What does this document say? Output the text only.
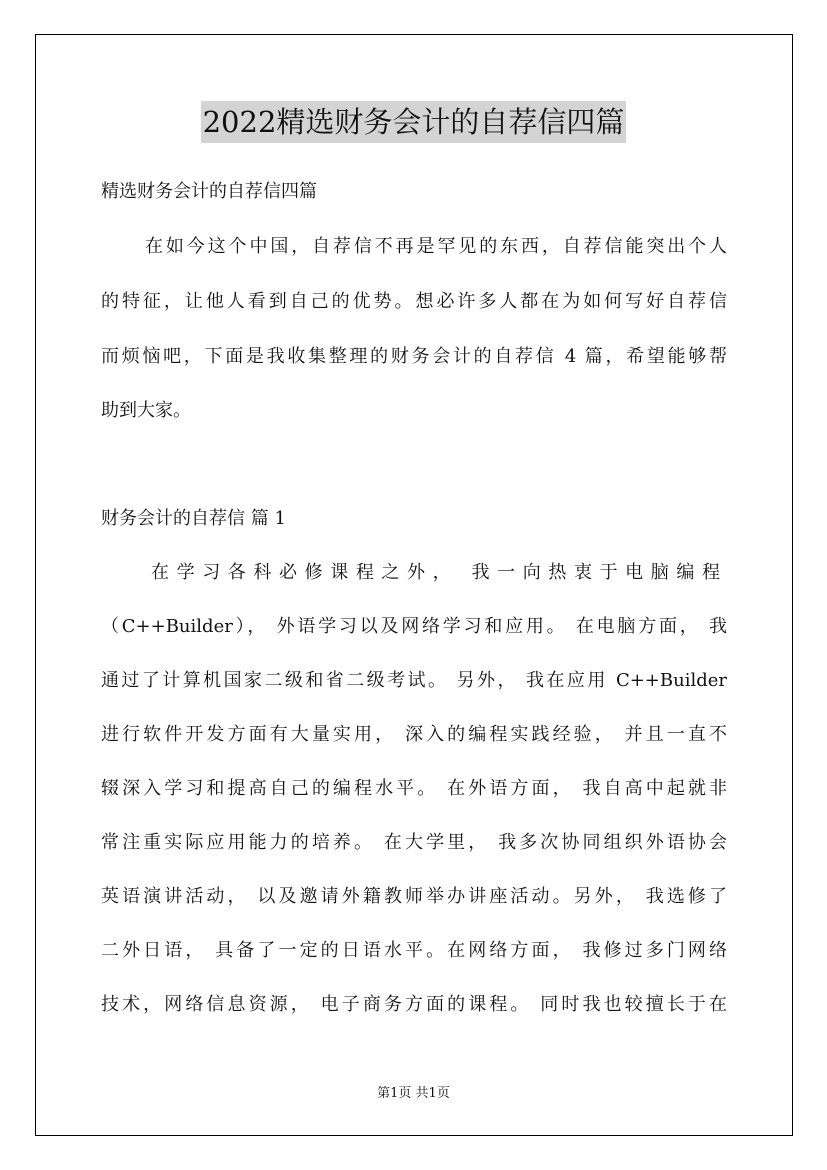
2022精选财务会计的自荐信四篇
精选财务会计的自荐信四篇
在如今这个中国，自荐信不再是罕见的东西，自荐信能突出个人
的特征，让他人看到自己的优势。想必许多人都在为如何写好自荐信
而烦恼吧，下面是我收集整理的财务会计的自荐信 4 篇，希望能够帮
助到大家。
财务会计的自荐信 篇 1
在学习各科必修课程之外， 我一向热衷于电脑编程
（C++Builder）， 外语学习以及网络学习和应用。 在电脑方面， 我
通过了计算机国家二级和省二级考试。 另外， 我在应用 C++Builder
进行软件开发方面有大量实用， 深入的编程实践经验， 并且一直不
辍深入学习和提高自己的编程水平。 在外语方面， 我自高中起就非
常注重实际应用能力的培养。 在大学里， 我多次协同组织外语协会
英语演讲活动， 以及邀请外籍教师举办讲座活动。另外， 我选修了
二外日语， 具备了一定的日语水平。在网络方面， 我修过多门网络
技术，网络信息资源， 电子商务方面的课程。 同时我也较擅长于在
第1页 共1页
